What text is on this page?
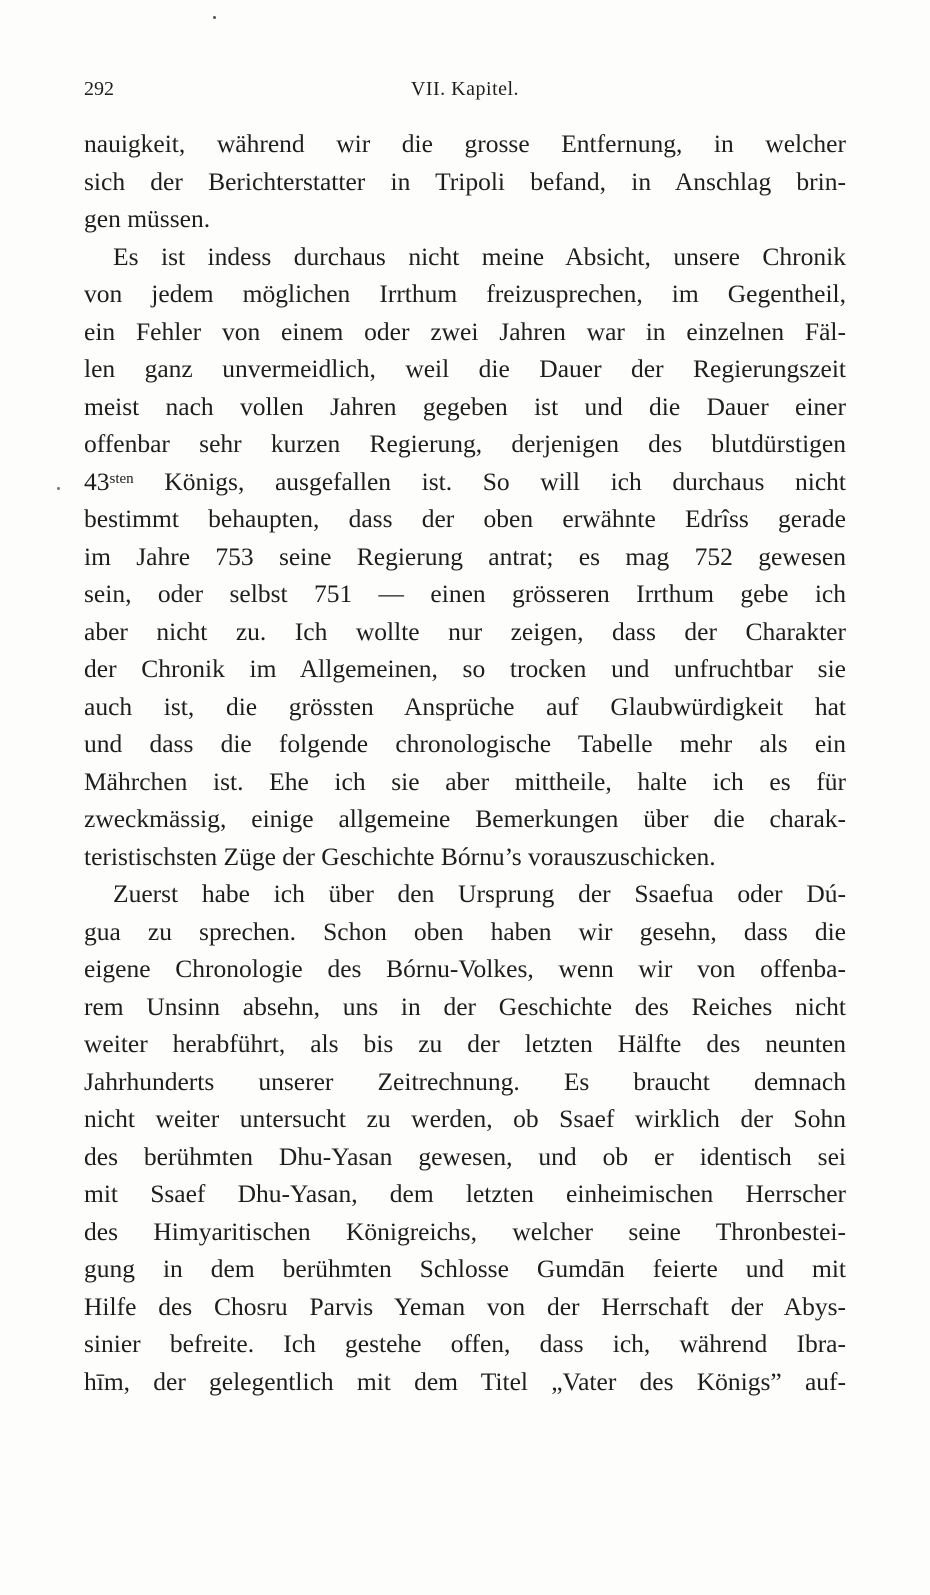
292	VII. Kapitel.
nauigkeit, während wir die grosse Entfernung, in welcher
sich der Berichterstatter in Tripoli befand, in Anschlag brin-
gen müssen.
Es ist indess durchaus nicht meine Absicht, unsere Chronik
von jedem möglichen Irrthum freizusprechen, im Gegentheil,
ein Fehler von einem oder zwei Jahren war in einzelnen Fäl-
len ganz unvermeidlich, weil die Dauer der Regierungszeit
meist nach vollen Jahren gegeben ist und die Dauer einer
offenbar sehr kurzen Regierung, derjenigen des blutdürstigen
$43^{sten}$ Königs, ausgefallen ist. So will ich durchaus nicht
bestimmt behaupten, dass der oben erwähnte Edrîss gerade
im Jahre 753 seine Regierung antrat; es mag 752 gewesen
sein, oder selbst 751 — einen grösseren Irrthum gebe ich
aber nicht zu. Ich wollte nur zeigen, dass der Charakter
der Chronik im Allgemeinen, so trocken und unfruchtbar sie
auch ist, die grössten Ansprüche auf Glaubwürdigkeit hat
und dass die folgende chronologische Tabelle mehr als ein
Mährchen ist. Ehe ich sie aber mittheile, halte ich es für
zweckmässig, einige allgemeine Bemerkungen über die charak-
teristischsten Züge der Geschichte Bórnu’s vorauszuschicken.
Zuerst habe ich über den Ursprung der Ssaefua oder Dú-
gua zu sprechen. Schon oben haben wir gesehn, dass die
eigene Chronologie des Bórnu-Volkes, wenn wir von offenba-
rem Unsinn absehn, uns in der Geschichte des Reiches nicht
weiter herabführt, als bis zu der letzten Hälfte des neunten
Jahrhunderts unserer Zeitrechnung. Es braucht demnach
nicht weiter untersucht zu werden, ob Ssaef wirklich der Sohn
des berühmten Dhu-Yasan gewesen, und ob er identisch sei
mit Ssaef Dhu-Yasan, dem letzten einheimischen Herrscher
des Himyaritischen Königreichs, welcher seine Thronbestei-
gung in dem berühmten Schlosse Gumdān feierte und mit
Hilfe des Chosru Parvis Yeman von der Herrschaft der Abys-
sinier befreite. Ich gestehe offen, dass ich, während Ibra-
hīm, der gelegentlich mit dem Titel „Vater des Königs” auf-
